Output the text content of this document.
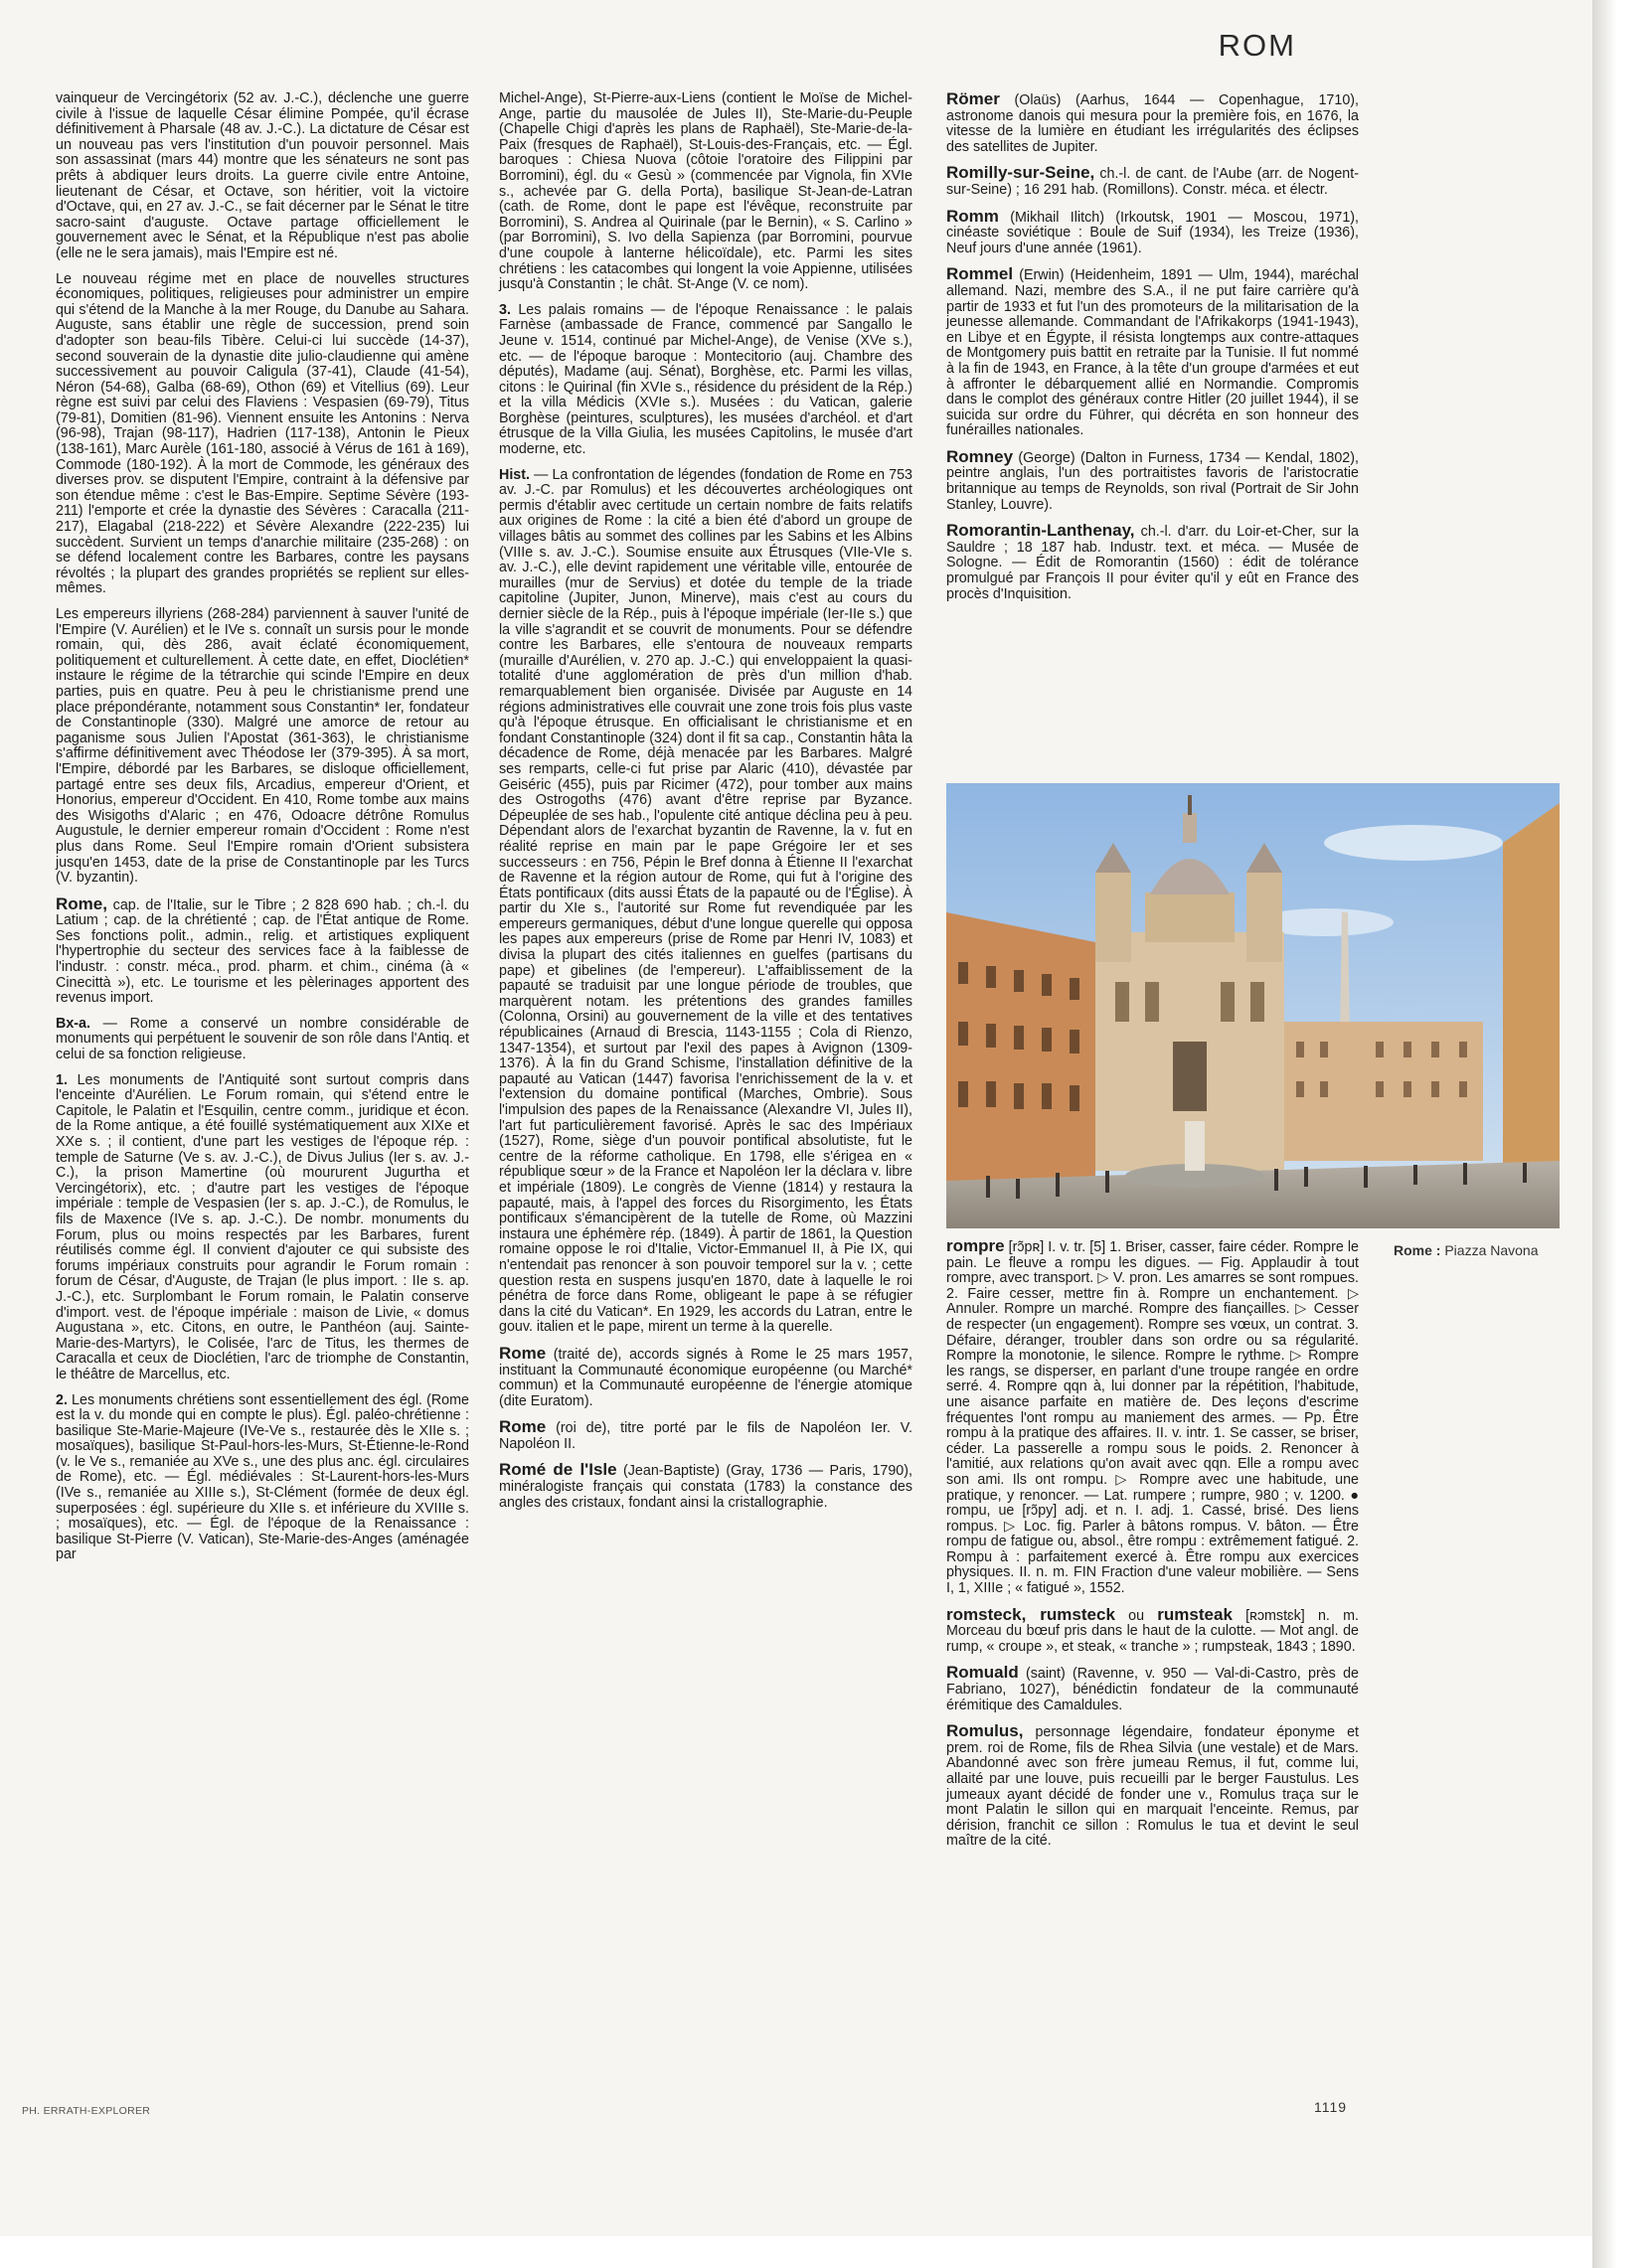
ROM

vainqueur de Vercingétorix (52 av. J.-C.), déclenche une guerre civile à l'issue de laquelle César élimine Pompée, qu'il écrase définitivement à Pharsale (48 av. J.-C.). La dictature de César est un nouveau pas vers l'institution d'un pouvoir personnel. Mais son assassinat (mars 44) montre que les sénateurs ne sont pas prêts à abdiquer leurs droits. La guerre civile entre Antoine, lieutenant de César, et Octave, son héritier, voit la victoire d'Octave, qui, en 27 av. J.-C., se fait décerner par le Sénat le titre sacro-saint d'auguste. Octave partage officiellement le gouvernement avec le Sénat, et la République n'est pas abolie (elle ne le sera jamais), mais l'Empire est né.

Le nouveau régime met en place de nouvelles structures économiques, politiques, religieuses pour administrer un empire qui s'étend de la Manche à la mer Rouge, du Danube au Sahara. Auguste, sans établir une règle de succession, prend soin d'adopter son beau-fils Tibère. Celui-ci lui succède (14-37), second souverain de la dynastie dite julio-claudienne qui amène successivement au pouvoir Caligula (37-41), Claude (41-54), Néron (54-68), Galba (68-69), Othon (69) et Vitellius (69). Leur règne est suivi par celui des Flaviens : Vespasien (69-79), Titus (79-81), Domitien (81-96). Viennent ensuite les Antonins : Nerva (96-98), Trajan (98-117), Hadrien (117-138), Antonin le Pieux (138-161), Marc Aurèle (161-180, associé à Vérus de 161 à 169), Commode (180-192). À la mort de Commode, les généraux des diverses prov. se disputent l'Empire, contraint à la défensive par son étendue même : c'est le Bas-Empire. Septime Sévère (193-211) l'emporte et crée la dynastie des Sévères : Caracalla (211-217), Elagabal (218-222) et Sévère Alexandre (222-235) lui succèdent. Survient un temps d'anarchie militaire (235-268) : on se défend localement contre les Barbares, contre les paysans révoltés ; la plupart des grandes propriétés se replient sur elles-mêmes.

Les empereurs illyriens (268-284) parviennent à sauver l'unité de l'Empire (V. Aurélien) et le IVe s. connaît un sursis pour le monde romain, qui, dès 286, avait éclaté économiquement, politiquement et culturellement. À cette date, en effet, Dioclétien* instaure le régime de la tétrarchie qui scinde l'Empire en deux parties, puis en quatre. Peu à peu le christianisme prend une place prépondérante, notamment sous Constantin* Ier, fondateur de Constantinople (330). Malgré une amorce de retour au paganisme sous Julien l'Apostat (361-363), le christianisme s'affirme définitivement avec Théodose Ier (379-395). À sa mort, l'Empire, débordé par les Barbares, se disloque officiellement, partagé entre ses deux fils, Arcadius, empereur d'Orient, et Honorius, empereur d'Occident. En 410, Rome tombe aux mains des Wisigoths d'Alaric ; en 476, Odoacre détrône Romulus Augustule, le dernier empereur romain d'Occident : Rome n'est plus dans Rome. Seul l'Empire romain d'Orient subsistera jusqu'en 1453, date de la prise de Constantinople par les Turcs (V. byzantin).

Rome, cap. de l'Italie, sur le Tibre ; 2 828 690 hab. ; ch.-l. du Latium ; cap. de la chrétienté ; cap. de l'État antique de Rome. Ses fonctions polit., admin., relig. et artistiques expliquent l'hypertrophie du secteur des services face à la faiblesse de l'industr. : constr. méca., prod. pharm. et chim., cinéma (à « Cinecittà »), etc. Le tourisme et les pèlerinages apportent des revenus import.

Bx-a. — Rome a conservé un nombre considérable de monuments qui perpétuent le souvenir de son rôle dans l'Antiq. et celui de sa fonction religieuse.

1. Les monuments de l'Antiquité sont surtout compris dans l'enceinte d'Aurélien. Le Forum romain, qui s'étend entre le Capitole, le Palatin et l'Esquilin, centre comm., juridique et écon. de la Rome antique, a été fouillé systématiquement aux XIXe et XXe s. ; il contient, d'une part les vestiges de l'époque rép. : temple de Saturne (Ve s. av. J.-C.), de Divus Julius (Ier s. av. J.-C.), la prison Mamertine (où moururent Jugurtha et Vercingétorix), etc. ; d'autre part les vestiges de l'époque impériale : temple de Vespasien (Ier s. ap. J.-C.), de Romulus, le fils de Maxence (IVe s. ap. J.-C.). De nombr. monuments du Forum, plus ou moins respectés par les Barbares, furent réutilisés comme égl. Il convient d'ajouter ce qui subsiste des forums impériaux construits pour agrandir le Forum romain : forum de César, d'Auguste, de Trajan (le plus import. : IIe s. ap. J.-C.), etc. Surplombant le Forum romain, le Palatin conserve d'import. vest. de l'époque impériale : maison de Livie, « domus Augustana », etc. Citons, en outre, le Panthéon (auj. Sainte-Marie-des-Martyrs), le Colisée, l'arc de Titus, les thermes de Caracalla et ceux de Dioclétien, l'arc de triomphe de Constantin, le théâtre de Marcellus, etc.

2. Les monuments chrétiens sont essentiellement des égl. (Rome est la v. du monde qui en compte le plus). Égl. paléo-chrétienne : basilique Ste-Marie-Majeure (IVe-Ve s., restaurée dès le XIIe s. ; mosaïques), basilique St-Paul-hors-les-Murs, St-Étienne-le-Rond (v. le Ve s., remaniée au XVe s., une des plus anc. égl. circulaires de Rome), etc. — Égl. médiévales : St-Laurent-hors-les-Murs (IVe s., remaniée au XIIIe s.), St-Clément (formée de deux égl. superposées : égl. supérieure du XIIe s. et inférieure du XVIIIe s. ; mosaïques), etc. — Égl. de l'époque de la Renaissance : basilique St-Pierre (V. Vatican), Ste-Marie-des-Anges (aménagée par

Michel-Ange), St-Pierre-aux-Liens (contient le Moïse de Michel-Ange, partie du mausolée de Jules II), Ste-Marie-du-Peuple (Chapelle Chigi d'après les plans de Raphaël), Ste-Marie-de-la-Paix (fresques de Raphaël), St-Louis-des-Français, etc. — Égl. baroques : Chiesa Nuova (côtoie l'oratoire des Filippini par Borromini), égl. du « Gesù » (commencée par Vignola, fin XVIe s., achevée par G. della Porta), basilique St-Jean-de-Latran (cath. de Rome, dont le pape est l'évêque, reconstruite par Borromini), S. Andrea al Quirinale (par le Bernin), « S. Carlino » (par Borromini), S. Ivo della Sapienza (par Borromini, pourvue d'une coupole à lanterne hélicoïdale), etc. Parmi les sites chrétiens : les catacombes qui longent la voie Appienne, utilisées jusqu'à Constantin ; le chât. St-Ange (V. ce nom).

3. Les palais romains — de l'époque Renaissance : le palais Farnèse (ambassade de France, commencé par Sangallo le Jeune v. 1514, continué par Michel-Ange), de Venise (XVe s.), etc. — de l'époque baroque : Montecitorio (auj. Chambre des députés), Madame (auj. Sénat), Borghèse, etc. Parmi les villas, citons : le Quirinal (fin XVIe s., résidence du président de la Rép.) et la villa Médicis (XVIe s.). Musées : du Vatican, galerie Borghèse (peintures, sculptures), les musées d'archéol. et d'art étrusque de la Villa Giulia, les musées Capitolins, le musée d'art moderne, etc.

Hist. — La confrontation de légendes (fondation de Rome en 753 av. J.-C. par Romulus) et les découvertes archéologiques ont permis d'établir avec certitude un certain nombre de faits relatifs aux origines de Rome : la cité a bien été d'abord un groupe de villages bâtis au sommet des collines par les Sabins et les Albins (VIIIe s. av. J.-C.). Soumise ensuite aux Étrusques (VIIe-VIe s. av. J.-C.), elle devint rapidement une véritable ville, entourée de murailles (mur de Servius) et dotée du temple de la triade capitoline (Jupiter, Junon, Minerve), mais c'est au cours du dernier siècle de la Rép., puis à l'époque impériale (Ier-IIe s.) que la ville s'agrandit et se couvrit de monuments. Pour se défendre contre les Barbares, elle s'entoura de nouveaux remparts (muraille d'Aurélien, v. 270 ap. J.-C.) qui enveloppaient la quasi-totalité d'une agglomération de près d'un million d'hab. remarquablement bien organisée. Divisée par Auguste en 14 régions administratives elle couvrait une zone trois fois plus vaste qu'à l'époque étrusque. En officialisant le christianisme et en fondant Constantinople (324) dont il fit sa cap., Constantin hâta la décadence de Rome, déjà menacée par les Barbares. Malgré ses remparts, celle-ci fut prise par Alaric (410), dévastée par Geiséric (455), puis par Ricimer (472), pour tomber aux mains des Ostrogoths (476) avant d'être reprise par Byzance. Dépeuplée de ses hab., l'opulente cité antique déclina peu à peu. Dépendant alors de l'exarchat byzantin de Ravenne, la v. fut en réalité reprise en main par le pape Grégoire Ier et ses successeurs : en 756, Pépin le Bref donna à Étienne II l'exarchat de Ravenne et la région autour de Rome, qui fut à l'origine des États pontificaux (dits aussi États de la papauté ou de l'Église). À partir du XIe s., l'autorité sur Rome fut revendiquée par les empereurs germaniques, début d'une longue querelle qui opposa les papes aux empereurs (prise de Rome par Henri IV, 1083) et divisa la plupart des cités italiennes en guelfes (partisans du pape) et gibelines (de l'empereur). L'affaiblissement de la papauté se traduisit par une longue période de troubles, que marquèrent notam. les prétentions des grandes familles (Colonna, Orsini) au gouvernement de la ville et des tentatives républicaines (Arnaud di Brescia, 1143-1155 ; Cola di Rienzo, 1347-1354), et surtout par l'exil des papes à Avignon (1309-1376). À la fin du Grand Schisme, l'installation définitive de la papauté au Vatican (1447) favorisa l'enrichissement de la v. et l'extension du domaine pontifical (Marches, Ombrie). Sous l'impulsion des papes de la Renaissance (Alexandre VI, Jules II), l'art fut particulièrement favorisé. Après le sac des Impériaux (1527), Rome, siège d'un pouvoir pontifical absolutiste, fut le centre de la réforme catholique. En 1798, elle s'érigea en « république sœur » de la France et Napoléon Ier la déclara v. libre et impériale (1809). Le congrès de Vienne (1814) y restaura la papauté, mais, à l'appel des forces du Risorgimento, les États pontificaux s'émancipèrent de la tutelle de Rome, où Mazzini instaura une éphémère rép. (1849). À partir de 1861, la Question romaine oppose le roi d'Italie, Victor-Emmanuel II, à Pie IX, qui n'entendait pas renoncer à son pouvoir temporel sur la v. ; cette question resta en suspens jusqu'en 1870, date à laquelle le roi pénétra de force dans Rome, obligeant le pape à se réfugier dans la cité du Vatican*. En 1929, les accords du Latran, entre le gouv. italien et le pape, mirent un terme à la querelle.

Rome (traité de), accords signés à Rome le 25 mars 1957, instituant la Communauté économique européenne (ou Marché* commun) et la Communauté européenne de l'énergie atomique (dite Euratom).

Rome (roi de), titre porté par le fils de Napoléon Ier. V. Napoléon II.

Romé de l'Isle (Jean-Baptiste) (Gray, 1736 — Paris, 1790), minéralogiste français qui constata (1783) la constance des angles des cristaux, fondant ainsi la cristallographie.

Römer (Olaüs) (Aarhus, 1644 — Copenhague, 1710), astronome danois qui mesura pour la première fois, en 1676, la vitesse de la lumière en étudiant les irrégularités des éclipses des satellites de Jupiter.

Romilly-sur-Seine, ch.-l. de cant. de l'Aube (arr. de Nogent-sur-Seine) ; 16 291 hab. (Romillons). Constr. méca. et électr.

Romm (Mikhail Ilitch) (Irkoutsk, 1901 — Moscou, 1971), cinéaste soviétique : Boule de Suif (1934), les Treize (1936), Neuf jours d'une année (1961).

Rommel (Erwin) (Heidenheim, 1891 — Ulm, 1944), maréchal allemand. Nazi, membre des S.A., il ne put faire carrière qu'à partir de 1933 et fut l'un des promoteurs de la militarisation de la jeunesse allemande. Commandant de l'Afrikakorps (1941-1943), en Libye et en Égypte, il résista longtemps aux contre-attaques de Montgomery puis battit en retraite par la Tunisie. Il fut nommé à la fin de 1943, en France, à la tête d'un groupe d'armées et eut à affronter le débarquement allié en Normandie. Compromis dans le complot des généraux contre Hitler (20 juillet 1944), il se suicida sur ordre du Führer, qui décréta en son honneur des funérailles nationales.

Romney (George) (Dalton in Furness, 1734 — Kendal, 1802), peintre anglais, l'un des portraitistes favoris de l'aristocratie britannique au temps de Reynolds, son rival (Portrait de Sir John Stanley, Louvre).

Romorantin-Lanthenay, ch.-l. d'arr. du Loir-et-Cher, sur la Sauldre ; 18 187 hab. Industr. text. et méca. — Musée de Sologne. — Édit de Romorantin (1560) : édit de tolérance promulgué par François II pour éviter qu'il y eût en France des procès d'Inquisition.

Rome : Piazza Navona

rompre [rɔ̃pʀ] I. v. tr. [5] 1. Briser, casser, faire céder. Rompre le pain. Le fleuve a rompu les digues. — Fig. Applaudir à tout rompre, avec transport. ▷ V. pron. Les amarres se sont rompues. 2. Faire cesser, mettre fin à. Rompre un enchantement. ▷ Annuler. Rompre un marché. Rompre des fiançailles. ▷ Cesser de respecter (un engagement). Rompre ses vœux, un contrat. 3. Défaire, déranger, troubler dans son ordre ou sa régularité. Rompre la monotonie, le silence. Rompre le rythme. ▷ Rompre les rangs, se disperser, en parlant d'une troupe rangée en ordre serré. 4. Rompre qqn à, lui donner par la répétition, l'habitude, une aisance parfaite en matière de. Des leçons d'escrime fréquentes l'ont rompu au maniement des armes. — Pp. Être rompu à la pratique des affaires. II. v. intr. 1. Se casser, se briser, céder. La passerelle a rompu sous le poids. 2. Renoncer à l'amitié, aux relations qu'on avait avec qqn. Elle a rompu avec son ami. Ils ont rompu. ▷ Rompre avec une habitude, une pratique, y renoncer. — Lat. rumpere ; rumpre, 980 ; v. 1200. ● rompu, ue [rɔ̃py] adj. et n. I. adj. 1. Cassé, brisé. Des liens rompus. ▷ Loc. fig. Parler à bâtons rompus. V. bâton. — Être rompu de fatigue ou, absol., être rompu : extrêmement fatigué. 2. Rompu à : parfaitement exercé à. Être rompu aux exercices physiques. II. n. m. FIN Fraction d'une valeur mobilière. — Sens I, 1, XIIIe ; « fatigué », 1552.

romsteck, rumsteck ou rumsteak [ʀɔmstɛk] n. m. Morceau du bœuf pris dans le haut de la culotte. — Mot angl. de rump, « croupe », et steak, « tranche » ; rumpsteak, 1843 ; 1890.

Romuald (saint) (Ravenne, v. 950 — Val-di-Castro, près de Fabriano, 1027), bénédictin fondateur de la communauté érémitique des Camaldules.

Romulus, personnage légendaire, fondateur éponyme et prem. roi de Rome, fils de Rhea Silvia (une vestale) et de Mars. Abandonné avec son frère jumeau Remus, il fut, comme lui, allaité par une louve, puis recueilli par le berger Faustulus. Les jumeaux ayant décidé de fonder une v., Romulus traça sur le mont Palatin le sillon qui en marquait l'enceinte. Remus, par dérision, franchit ce sillon : Romulus le tua et devint le seul maître de la cité.

PH. ERRATH-EXPLORER	1119
